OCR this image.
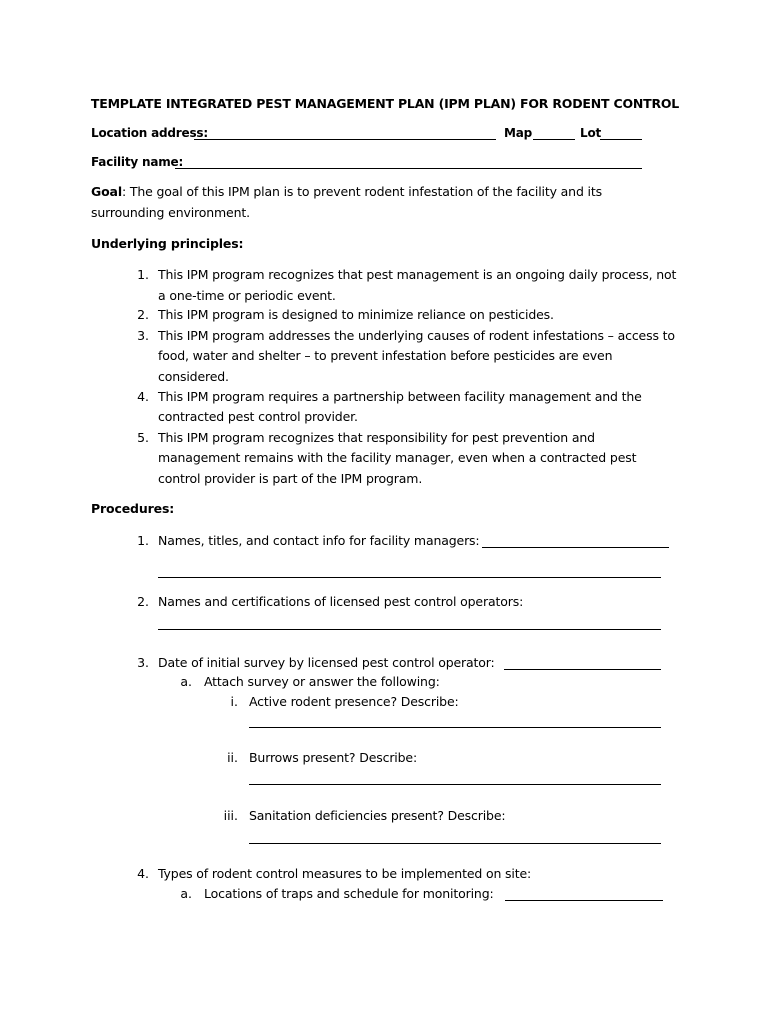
TEMPLATE INTEGRATED PEST MANAGEMENT PLAN (IPM PLAN) FOR RODENT CONTROL
Location address:	Map	Lot
Facility name:
Goal: The goal of this IPM plan is to prevent rodent infestation of the facility and its
surrounding environment.
Underlying principles:
1. This IPM program recognizes that pest management is an ongoing daily process, not
a one-time or periodic event.
2. This IPM program is designed to minimize reliance on pesticides.
3. This IPM program addresses the underlying causes of rodent infestations – access to
food, water and shelter – to prevent infestation before pesticides are even
considered.
4. This IPM program requires a partnership between facility management and the
contracted pest control provider.
5. This IPM program recognizes that responsibility for pest prevention and
management remains with the facility manager, even when a contracted pest
control provider is part of the IPM program.
Procedures:
1. Names, titles, and contact info for facility managers:
2. Names and certifications of licensed pest control operators:
3. Date of initial survey by licensed pest control operator:
a. Attach survey or answer the following:
i. Active rodent presence? Describe:
ii. Burrows present? Describe:
iii. Sanitation deficiencies present? Describe:
4. Types of rodent control measures to be implemented on site:
a. Locations of traps and schedule for monitoring:
